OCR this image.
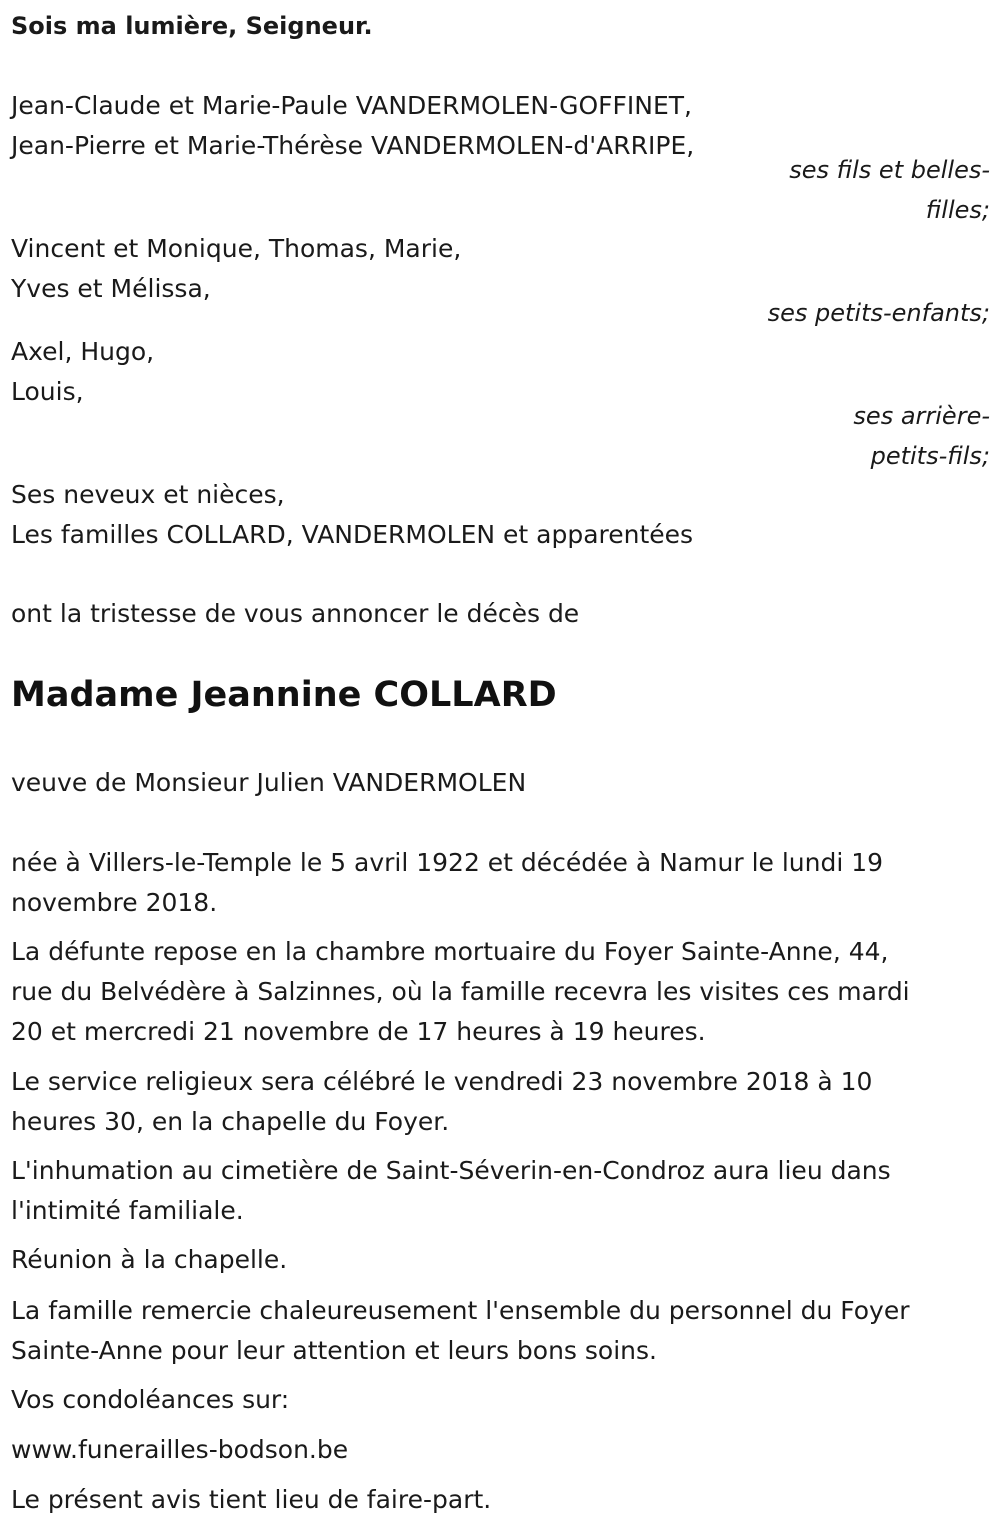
Sois ma lumière, Seigneur.
Jean-Claude et Marie-Paule VANDERMOLEN-GOFFINET,
Jean-Pierre et Marie-Thérèse VANDERMOLEN-d'ARRIPE,
ses fils et belles-
filles;
Vincent et Monique, Thomas, Marie,
Yves et Mélissa,
ses petits-enfants;
Axel, Hugo,
Louis,
ses arrière-
petits-fils;
Ses neveux et nièces,
Les familles COLLARD, VANDERMOLEN et apparentées
ont la tristesse de vous annoncer le décès de
Madame Jeannine COLLARD
veuve de Monsieur Julien VANDERMOLEN
née à Villers-le-Temple le 5 avril 1922 et décédée à Namur le lundi 19
novembre 2018.
La défunte repose en la chambre mortuaire du Foyer Sainte-Anne, 44,
rue du Belvédère à Salzinnes, où la famille recevra les visites ces mardi
20 et mercredi 21 novembre de 17 heures à 19 heures.
Le service religieux sera célébré le vendredi 23 novembre 2018 à 10
heures 30, en la chapelle du Foyer.
L'inhumation au cimetière de Saint-Séverin-en-Condroz aura lieu dans
l'intimité familiale.
Réunion à la chapelle.
La famille remercie chaleureusement l'ensemble du personnel du Foyer
Sainte-Anne pour leur attention et leurs bons soins.
Vos condoléances sur:
www.funerailles-bodson.be
Le présent avis tient lieu de faire-part.
